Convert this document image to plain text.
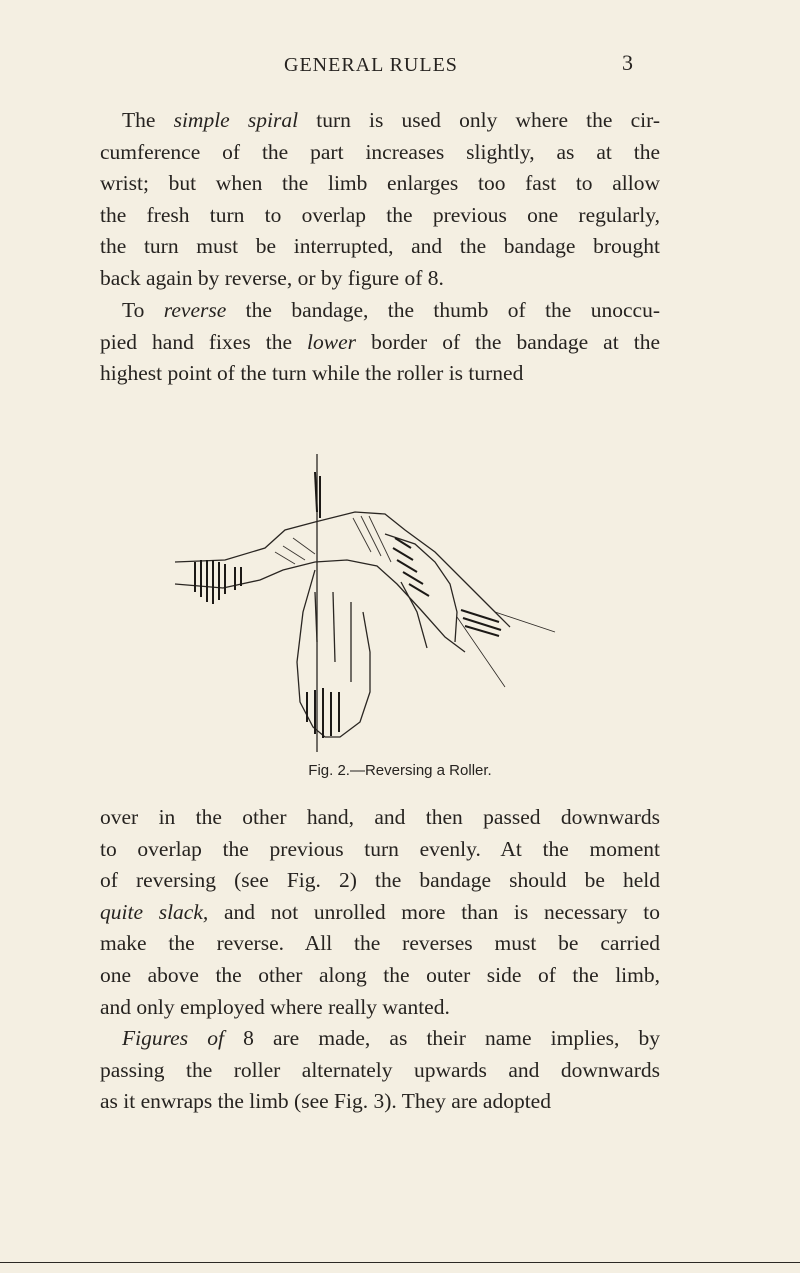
GENERAL RULES	3
The simple spiral turn is used only where the cir-
cumference of the part increases slightly, as at the
wrist; but when the limb enlarges too fast to allow
the fresh turn to overlap the previous one regularly,
the turn must be interrupted, and the bandage brought
back again by reverse, or by figure of 8.
To reverse the bandage, the thumb of the unoccu-
pied hand fixes the lower border of the bandage at the
highest point of the turn while the roller is turned
Fig. 2.—Reversing a Roller.
over in the other hand, and then passed downwards
to overlap the previous turn evenly. At the moment
of reversing (see Fig. 2) the bandage should be held
quite slack, and not unrolled more than is necessary to
make the reverse. All the reverses must be carried
one above the other along the outer side of the limb,
and only employed where really wanted.
Figures of 8 are made, as their name implies, by
passing the roller alternately upwards and downwards
as it enwraps the limb (see Fig. 3). They are adopted
